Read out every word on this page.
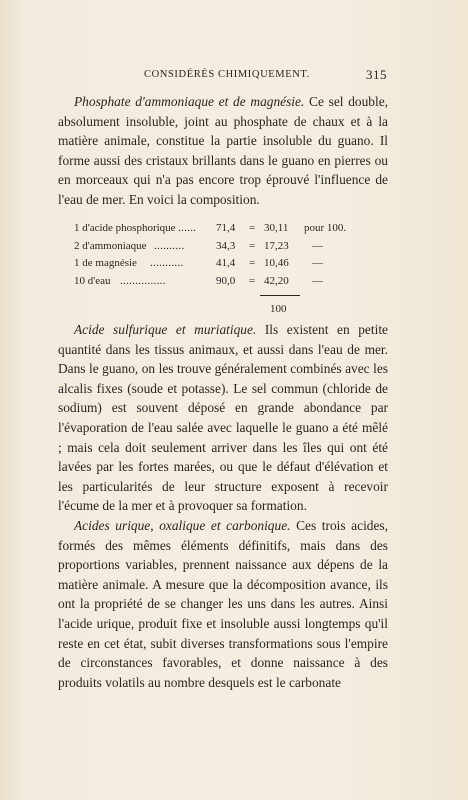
CONSIDÉRÉS CHIMIQUEMENT.	315
Phosphate d'ammoniaque et de magnésie. Ce sel double, absolument insoluble, joint au phosphate de chaux et à la matière animale, constitue la partie insoluble du guano. Il forme aussi des cristaux brillants dans le guano en pierres ou en morceaux qui n'a pas encore trop éprouvé l'influence de l'eau de mer. En voici la composition.
1 d'acide phosphorique ...... 71,4 = 30,11 pour 100.
2 d'ammoniaque ..........	34,3 = 17,23 —
1 de magnésie ...........	41,4 = 10,46 —
10 d'eau ...............	90,0 = 42,20 —
100
Acide sulfurique et muriatique. Ils existent en petite quantité dans les tissus animaux, et aussi dans l'eau de mer. Dans le guano, on les trouve généralement combinés avec les alcalis fixes (soude et potasse). Le sel commun (chloride de sodium) est souvent déposé en grande abondance par l'évaporation de l'eau salée avec laquelle le guano a été mêlé ; mais cela doit seulement arriver dans les îles qui ont été lavées par les fortes marées, ou que le défaut d'élévation et les particularités de leur structure exposent à recevoir l'écume de la mer et à provoquer sa formation.
Acides urique, oxalique et carbonique. Ces trois acides, formés des mêmes éléments définitifs, mais dans des proportions variables, prennent naissance aux dépens de la matière animale. A mesure que la décomposition avance, ils ont la propriété de se changer les uns dans les autres. Ainsi l'acide urique, produit fixe et insoluble aussi longtemps qu'il reste en cet état, subit diverses transformations sous l'empire de circonstances favorables, et donne naissance à des produits volatils au nombre desquels est le carbonate
